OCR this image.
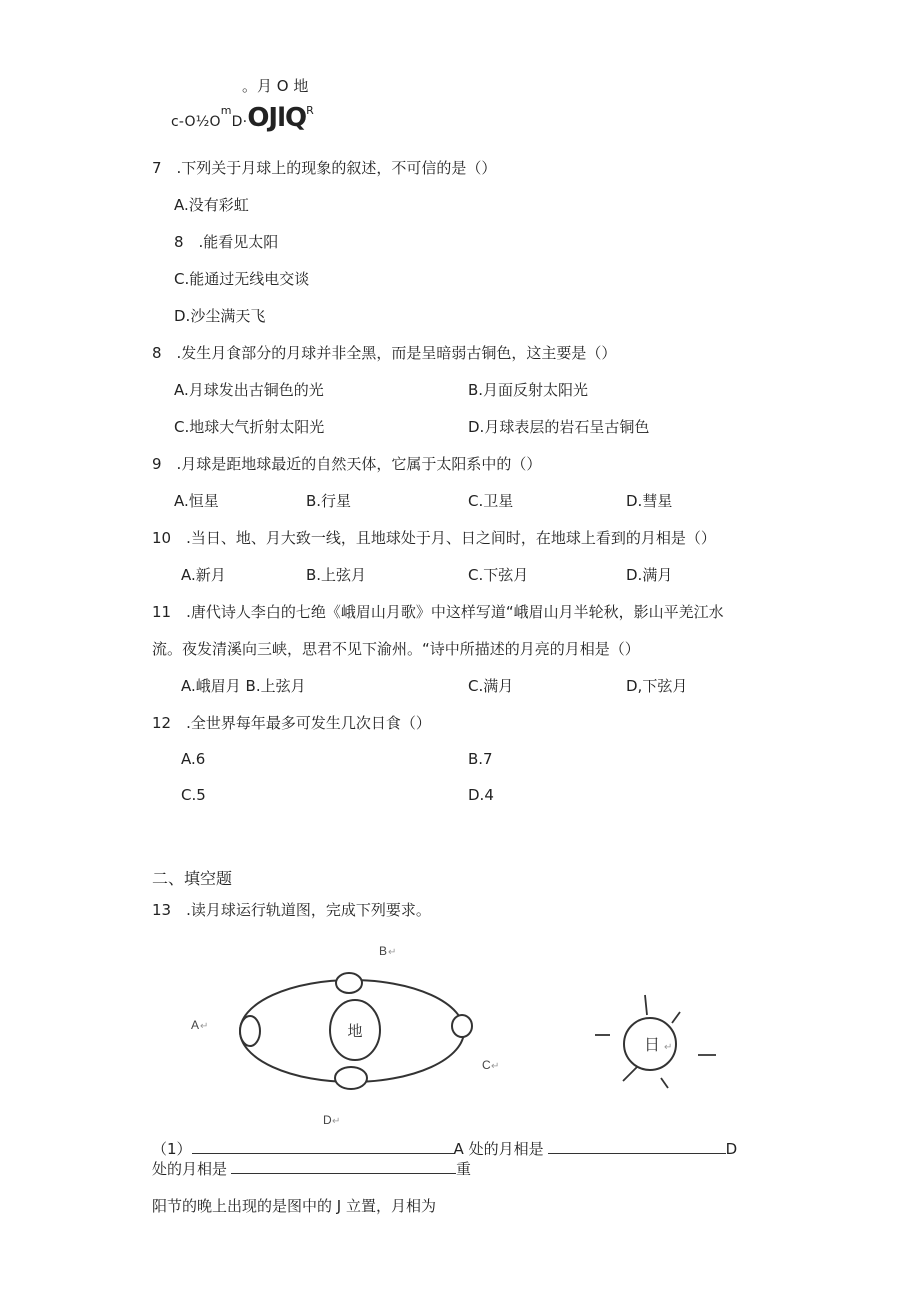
。月 O 地
$c-O\frac{1}{2}O^mD\cdot OJlQ^R$
7　.下列关于月球上的现象的叙述，不可信的是（）
A.没有彩虹
8　.能看见太阳
C.能通过无线电交谈
D.沙尘满天飞
8　.发生月食部分的月球并非全黑，而是呈暗弱古铜色，这主要是（）
A.月球发出古铜色的光	B.月面反射太阳光
C.地球大气折射太阳光	D.月球表层的岩石呈古铜色
9　.月球是距地球最近的自然天体，它属于太阳系中的（）
A.恒星	B.行星	C.卫星	D.彗星
10　.当日、地、月大致一线，且地球处于月、日之间时，在地球上看到的月相是（）
A.新月	B.上弦月	C.下弦月	D.满月
11　.唐代诗人李白的七绝《峨眉山月歌》中这样写道“峨眉山月半轮秋，影山平羌江水
流。夜发清溪向三峡，思君不见下渝州。“诗中所描述的月亮的月相是（）
A.峨眉月 B.上弦月	C.满月	D,下弦月
12　.全世界每年最多可发生几次日食（）
A.6	B.7
C.5	D.4
二、填空题
13　.读月球运行轨道图，完成下列要求。
地
B ↵
A ↵
C ↵
D ↵
日 ↵
（1）	A 处的月相是	D
处的月相是	重
阳节的晚上出现的是图中的 J 立置，月相为
